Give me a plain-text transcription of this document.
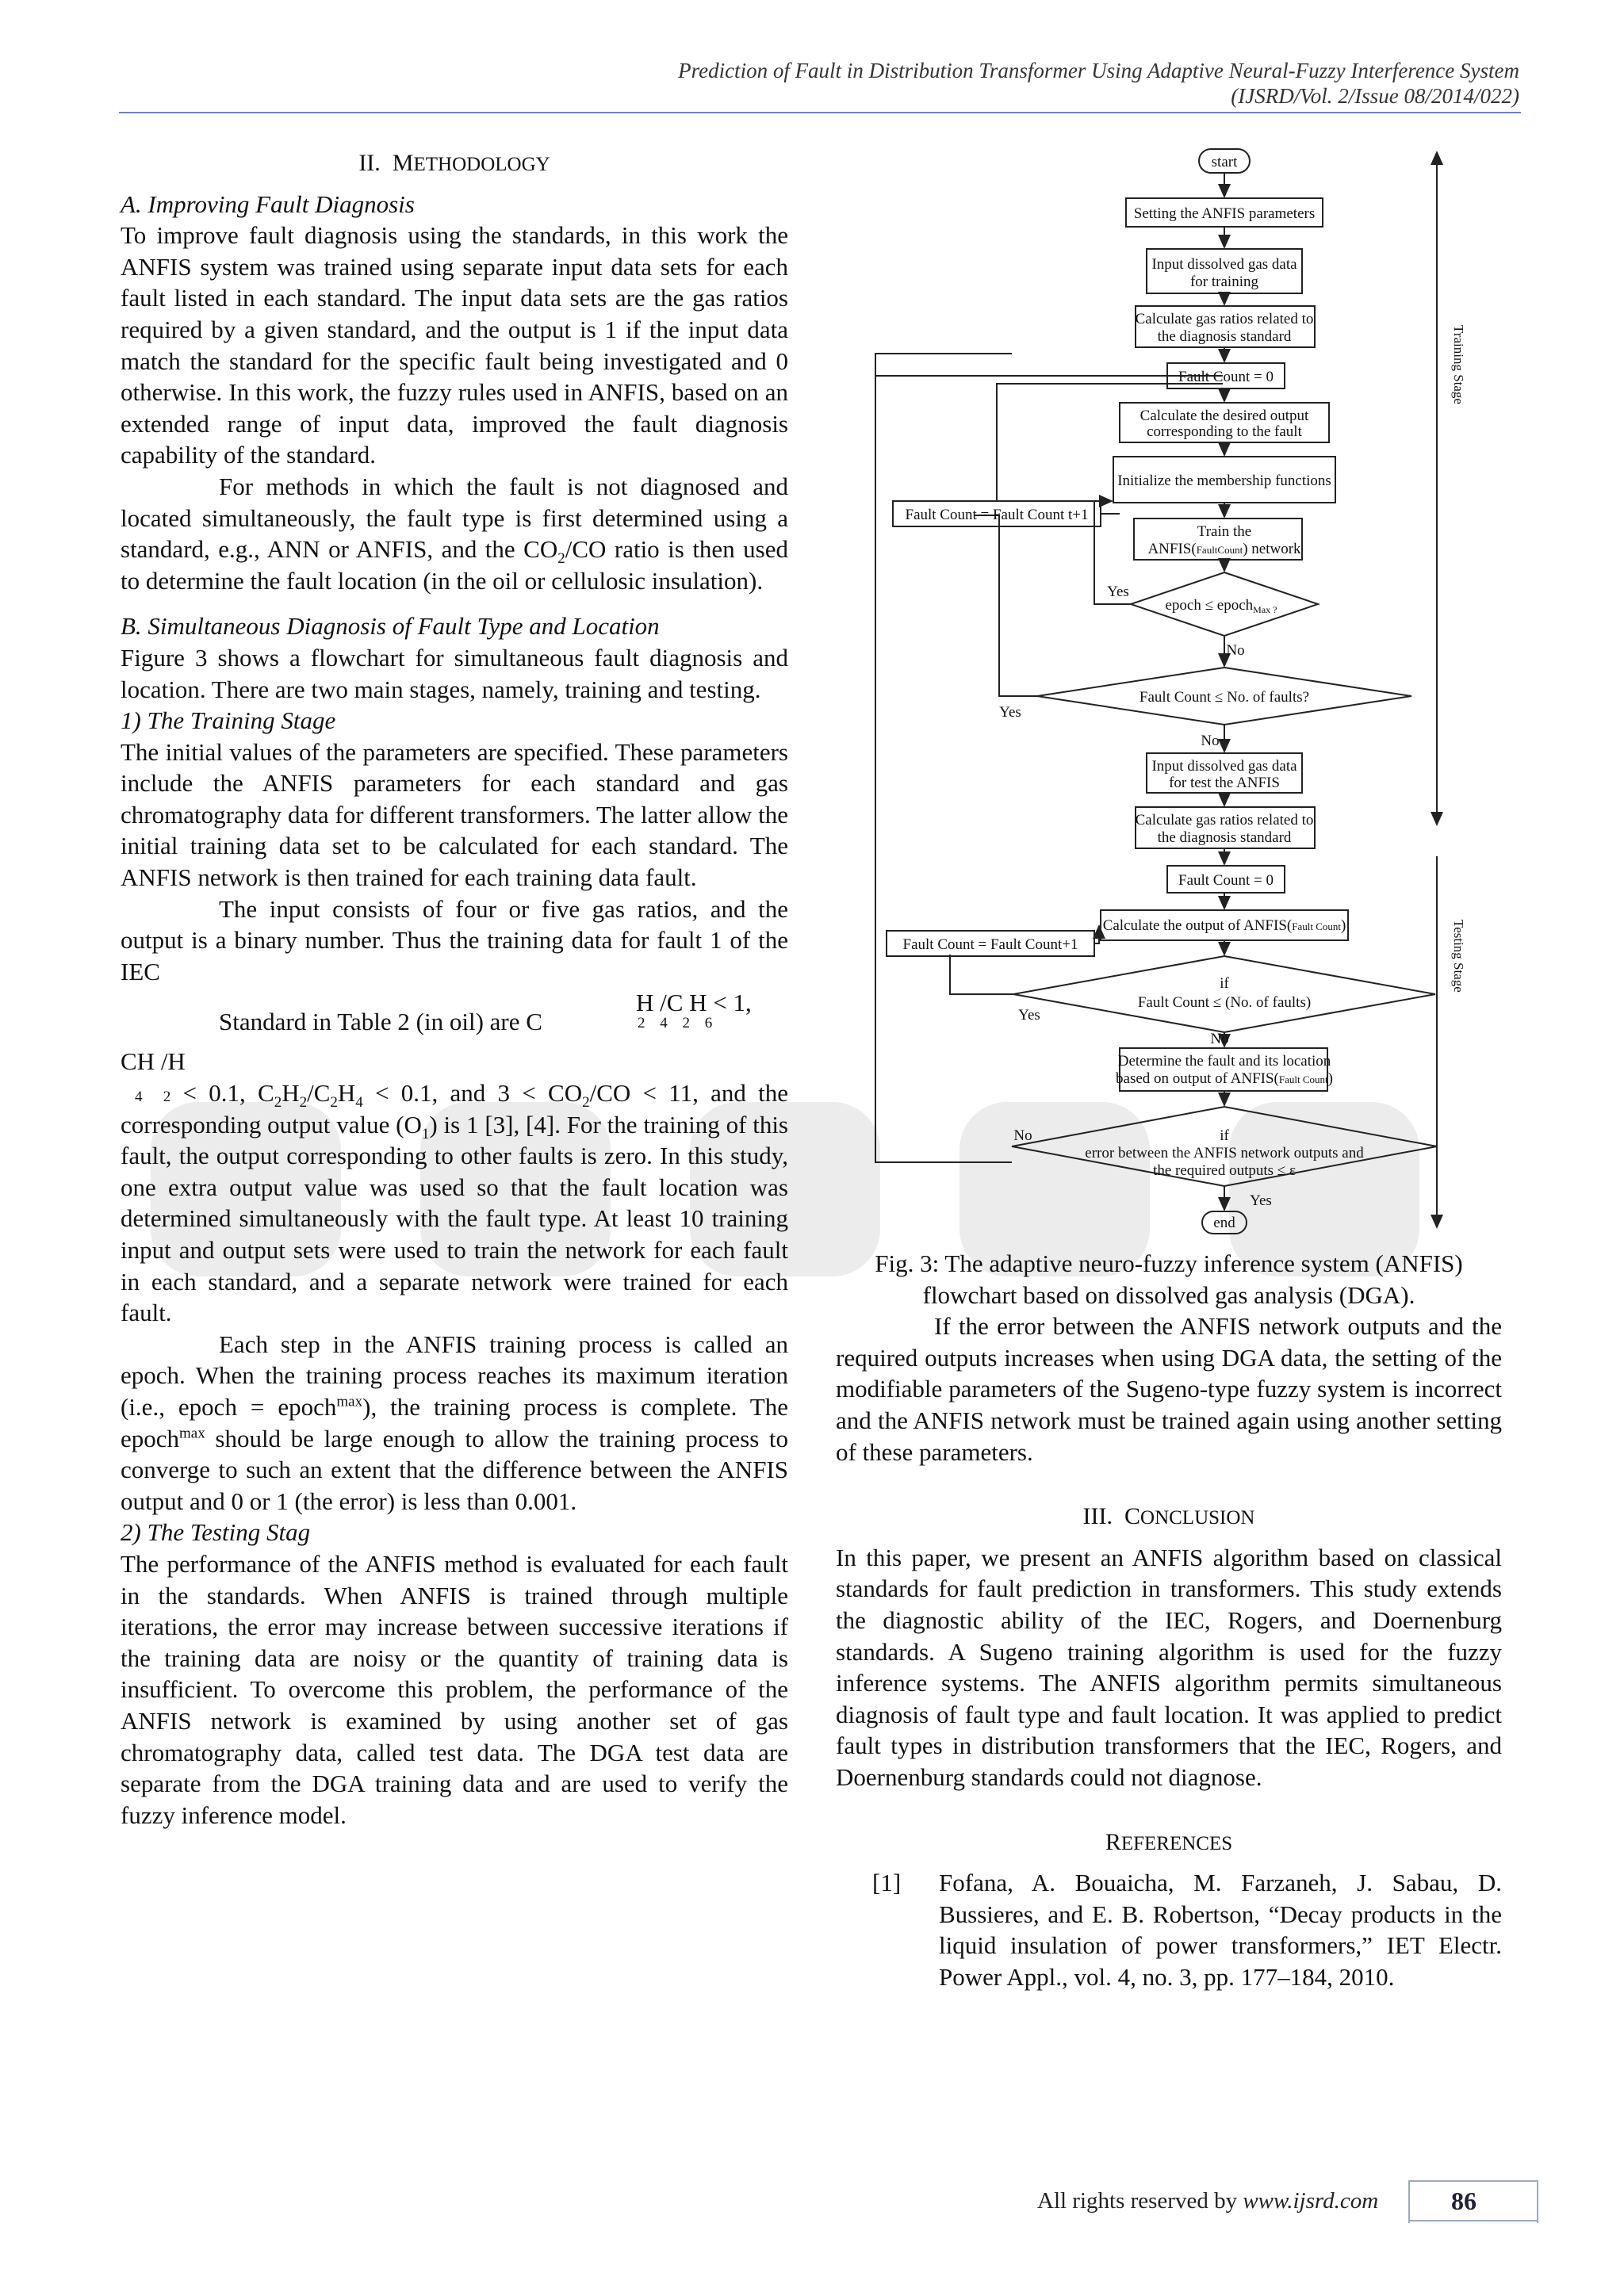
Prediction of Fault in Distribution Transformer Using Adaptive Neural-Fuzzy Interference System
(IJSRD/Vol. 2/Issue 08/2014/022)
II. METHODOLOGY

A. Improving Fault Diagnosis

To improve fault diagnosis using the standards, in this work the ANFIS system was trained using separate input data sets for each fault listed in each standard. The input data sets are the gas ratios required by a given standard, and the output is 1 if the input data match the standard for the specific fault being investigated and 0 otherwise. In this work, the fuzzy rules used in ANFIS, based on an extended range of input data, improved the fault diagnosis capability of the standard.

For methods in which the fault is not diagnosed and located simultaneously, the fault type is first determined using a standard, e.g., ANN or ANFIS, and the $CO_2/CO$ ratio is then used to determine the fault location (in the oil or cellulosic insulation).

B. Simultaneous Diagnosis of Fault Type and Location

Figure 3 shows a flowchart for simultaneous fault diagnosis and location. There are two main stages, namely, training and testing.

1) The Training Stage

The initial values of the parameters are specified. These parameters include the ANFIS parameters for each standard and gas chromatography data for different transformers. The latter allow the initial training data set to be calculated for each standard. The ANFIS network is then trained for each training data fault.

The input consists of four or five gas ratios, and the output is a binary number. Thus the training data for fault 1 of the IEC

Standard in Table 2 (in oil) are C
H /C H < 1,
2 4 2 6

CH /H
4 2 < 0.1, $C_2H_2/C_2H_4 < 0.1$, and $3 < CO_2/CO < 11$, and the corresponding output value $(O_1)$ is 1 [3], [4]. For the training of this fault, the output corresponding to other faults is zero. In this study, one extra output value was used so that the fault location was determined simultaneously with the fault type. At least 10 training input and output sets were used to train the network for each fault in each standard, and a separate network were trained for each fault.

Each step in the ANFIS training process is called an epoch. When the training process reaches its maximum iteration (i.e., epoch = epoch$^{max}$), the training process is complete. The epoch$^{max}$ should be large enough to allow the training process to converge to such an extent that the difference between the ANFIS output and 0 or 1 (the error) is less than 0.001.

2) The Testing Stag

The performance of the ANFIS method is evaluated for each fault in the standards. When ANFIS is trained through multiple iterations, the error may increase between successive iterations if the training data are noisy or the quantity of training data is insufficient. To overcome this problem, the performance of the ANFIS network is examined by using another set of gas chromatography data, called test data. The DGA test data are separate from the DGA training data and are used to verify the fuzzy inference model.

start
Setting the ANFIS parameters
Input dissolved gas data
for training
Calculate gas ratios related to
the diagnosis standard
Fault Count = 0
Calculate the desired output
corresponding to the fault
Initialize the membership functions
Train the
ANFIS(FaultCount) network
epoch ≤ epoch$_{Max ?}$
No
Fault Count ≤ No. of faults?
Yes
Yes
Fault Count = Fault Count t+1
No
Input dissolved gas data
for test the ANFIS
Calculate gas ratios related to
the diagnosis standard
Fault Count = 0
Calculate the output of ANFIS(Fault Count)
Fault Count = Fault Count+1
if
Fault Count ≤ (No. of faults)
Yes
No
Determine the fault and its location
based on output of ANFIS(Fault Count)
if
error between the ANFIS network outputs and
the required outputs ≤ ε
No
Yes
end
Training Stage
Testing Stage

Fig. 3: The adaptive neuro-fuzzy inference system (ANFIS) flowchart based on dissolved gas analysis (DGA).

If the error between the ANFIS network outputs and the required outputs increases when using DGA data, the setting of the modifiable parameters of the Sugeno-type fuzzy system is incorrect and the ANFIS network must be trained again using another setting of these parameters.

III. CONCLUSION

In this paper, we present an ANFIS algorithm based on classical standards for fault prediction in transformers. This study extends the diagnostic ability of the IEC, Rogers, and Doernenburg standards. A Sugeno training algorithm is used for the fuzzy inference systems. The ANFIS algorithm permits simultaneous diagnosis of fault type and fault location. It was applied to predict fault types in distribution transformers that the IEC, Rogers, and Doernenburg standards could not diagnose.

REFERENCES
[1]	Fofana, A. Bouaicha, M. Farzaneh, J. Sabau, D. Bussieres, and E. B. Robertson, “Decay products in the liquid insulation of power transformers,” IET Electr. Power Appl., vol. 4, no. 3, pp. 177–184, 2010.
All rights reserved by www.ijsrd.com	86
